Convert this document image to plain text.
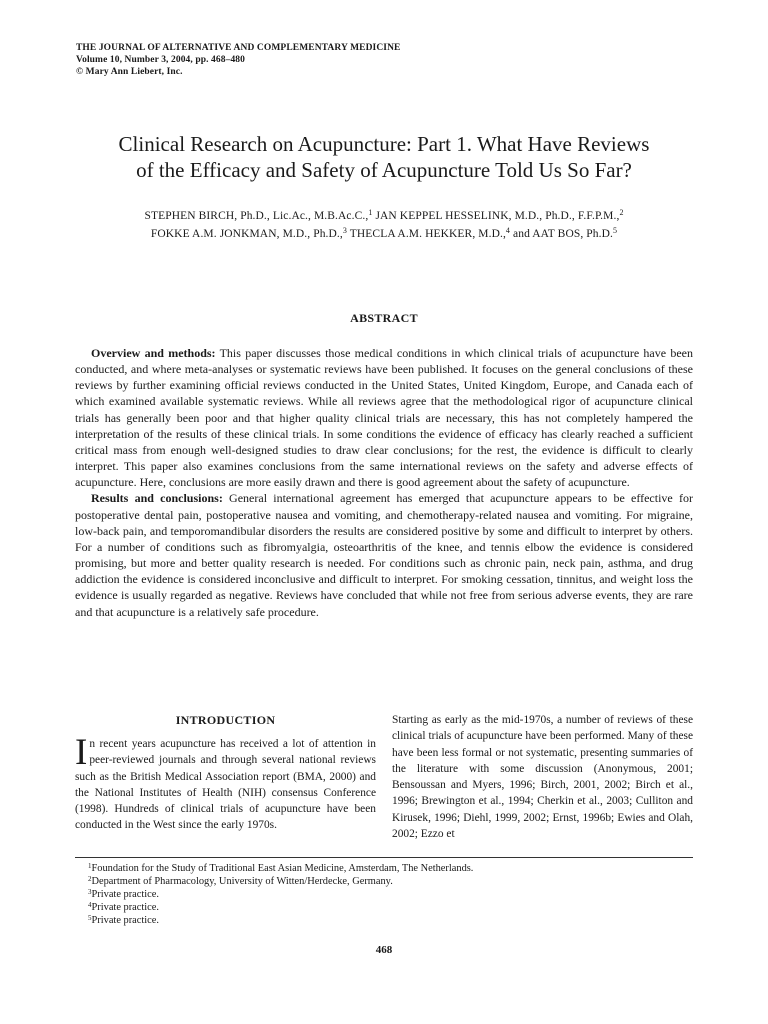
THE JOURNAL OF ALTERNATIVE AND COMPLEMENTARY MEDICINE
Volume 10, Number 3, 2004, pp. 468–480
© Mary Ann Liebert, Inc.
Clinical Research on Acupuncture: Part 1. What Have Reviews
of the Efficacy and Safety of Acupuncture Told Us So Far?
STEPHEN BIRCH, Ph.D., Lic.Ac., M.B.Ac.C.,$^1$ JAN KEPPEL HESSELINK, M.D., Ph.D., F.F.P.M.,$^2$
FOKKE A.M. JONKMAN, M.D., Ph.D.,$^3$ THECLA A.M. HEKKER, M.D.,$^4$ and AAT BOS, Ph.D.$^5$
ABSTRACT

Overview and methods: This paper discusses those medical conditions in which clinical trials of acupuncture have been conducted, and where meta-analyses or systematic reviews have been published. It focuses on the general conclusions of these reviews by further examining official reviews conducted in the United States, United Kingdom, Europe, and Canada each of which examined available systematic reviews. While all reviews agree that the methodological rigor of acupuncture clinical trials has generally been poor and that higher quality clinical trials are necessary, this has not completely hampered the interpretation of the results of these clinical trials. In some conditions the evidence of efficacy has clearly reached a sufficient critical mass from enough well-designed studies to draw clear conclusions; for the rest, the evidence is difficult to clearly interpret. This paper also examines conclusions from the same international reviews on the safety and adverse effects of acupuncture. Here, conclusions are more easily drawn and there is good agreement about the safety of acupuncture.

Results and conclusions: General international agreement has emerged that acupuncture appears to be effective for postoperative dental pain, postoperative nausea and vomiting, and chemotherapy-related nausea and vomiting. For migraine, low-back pain, and temporomandibular disorders the results are considered positive by some and difficult to interpret by others. For a number of conditions such as fibromyalgia, osteoarthritis of the knee, and tennis elbow the evidence is considered promising, but more and better quality research is needed. For conditions such as chronic pain, neck pain, asthma, and drug addiction the evidence is considered inconclusive and difficult to interpret. For smoking cessation, tinnitus, and weight loss the evidence is usually regarded as negative. Reviews have concluded that while not free from serious adverse events, they are rare and that acupuncture is a relatively safe procedure.

INTRODUCTION

In recent years acupuncture has received a lot of attention in peer-reviewed journals and through several national reviews such as the British Medical Association report (BMA, 2000) and the National Institutes of Health (NIH) consensus Conference (1998). Hundreds of clinical trials of acupuncture have been conducted in the West since the early 1970s.

Starting as early as the mid-1970s, a number of reviews of these clinical trials of acupuncture have been performed. Many of these have been less formal or not systematic, presenting summaries of the literature with some discussion (Anonymous, 2001; Bensoussan and Myers, 1996; Birch, 2001, 2002; Birch et al., 1996; Brewington et al., 1994; Cherkin et al., 2003; Culliton and Kirusek, 1996; Diehl, 1999, 2002; Ernst, 1996b; Ewies and Olah, 2002; Ezzo et

$^1$Foundation for the Study of Traditional East Asian Medicine, Amsterdam, The Netherlands.
$^2$Department of Pharmacology, University of Witten/Herdecke, Germany.
$^3$Private practice.
$^4$Private practice.
$^5$Private practice.
468
